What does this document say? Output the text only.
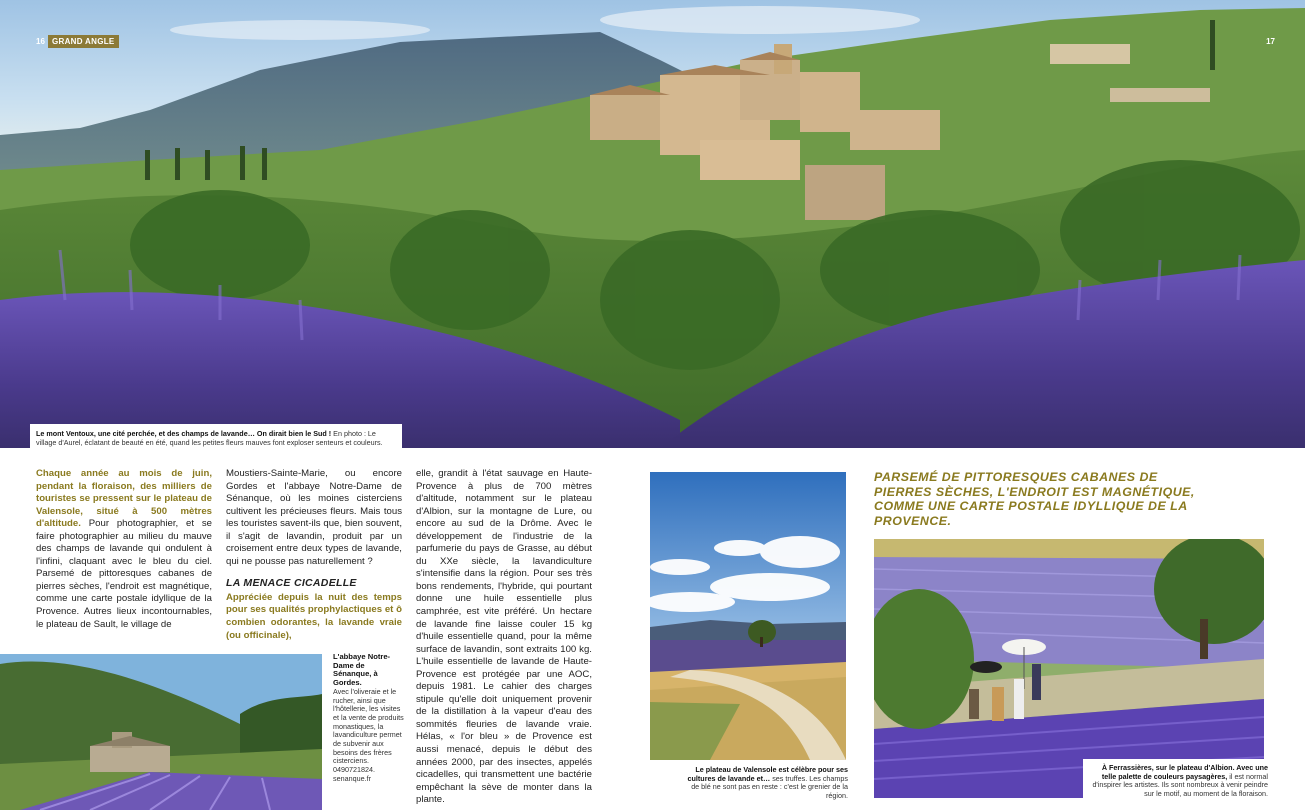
16 GRAND ANGLE	17
Le mont Ventoux, une cité perchée, et des champs de lavande… On dirait bien le Sud ! En photo : Le village d'Aurel, éclatant de beauté en été, quand les petites fleurs mauves font exploser senteurs et couleurs.
Chaque année au mois de juin, pendant la floraison, des milliers de touristes se pressent sur le plateau de Valensole, situé à 500 mètres d'altitude. Pour photographier, et se faire photographier au milieu du mauve des champs de lavande qui ondulent à l'infini, claquant avec le bleu du ciel. Parsemé de pittoresques cabanes de pierres sèches, l'endroit est magnétique, comme une carte postale idyllique de la Provence. Autres lieux incontournables, le plateau de Sault, le village de
Moustiers-Sainte-Marie, ou encore Gordes et l'abbaye Notre-Dame de Sénanque, où les moines cisterciens cultivent les précieuses fleurs. Mais tous les touristes savent-ils que, bien souvent, il s'agit de lavandin, produit par un croisement entre deux types de lavande, qui ne pousse pas naturellement ?
LA MENACE CICADELLE
Appréciée depuis la nuit des temps pour ses qualités prophylactiques et ô combien odorantes, la lavande vraie (ou officinale),
elle, grandit à l'état sauvage en Haute-Provence à plus de 700 mètres d'altitude, notamment sur le plateau d'Albion, sur la montagne de Lure, ou encore au sud de la Drôme. Avec le développement de l'industrie de la parfumerie du pays de Grasse, au début du XXe siècle, la lavandiculture s'intensifie dans la région. Pour ses très bons rendements, l'hybride, qui pourtant donne une huile essentielle plus camphrée, est vite préféré. Un hectare de lavande fine laisse couler 15 kg d'huile essentielle quand, pour la même surface de lavandin, sont extraits 100 kg. L'huile essentielle de lavande de Haute-Provence est protégée par une AOC, depuis 1981. Le cahier des charges stipule qu'elle doit uniquement provenir de la distillation à la vapeur d'eau des sommités fleuries de lavande vraie. Hélas, « l'or bleu » de Provence est aussi menacé, depuis le début des années 2000, par des insectes, appelés cicadelles, qui transmettent une bactérie empêchant la sève de monter dans la plante.
L'abbaye Notre-Dame de Sénanque, à Gordes.
Avec l'oliveraie et le rucher, ainsi que l'hôtellerie, les visites et la vente de produits monastiques, la lavandiculture permet de subvenir aux besoins des frères cisterciens. 0490721824. senanque.fr
Le plateau de Valensole est célèbre pour ses cultures de lavande et… ses truffes. Les champs de blé ne sont pas en reste : c'est le grenier de la région.
PARSEMÉ DE PITTORESQUES CABANES DE PIERRES SÈCHES, L'ENDROIT EST MAGNÉTIQUE, COMME UNE CARTE POSTALE IDYLLIQUE DE LA PROVENCE.
À Ferrassières, sur le plateau d'Albion. Avec une telle palette de couleurs paysagères, il est normal d'inspirer les artistes. Ils sont nombreux à venir peindre sur le motif, au moment de la floraison.
